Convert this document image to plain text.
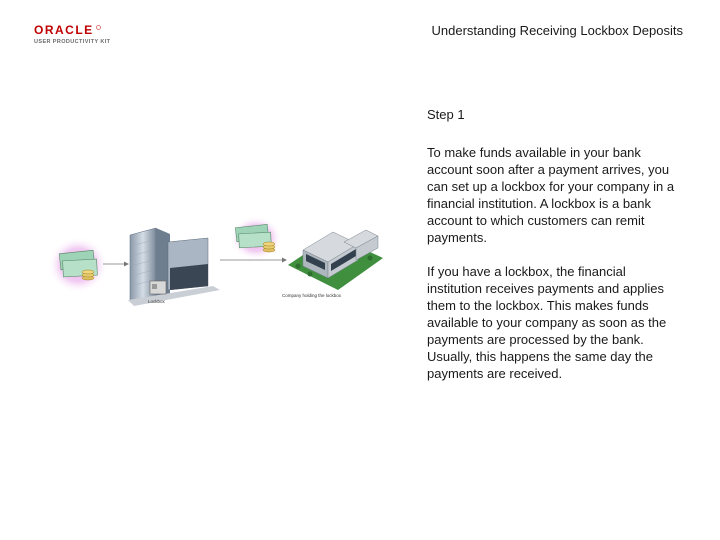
ORACLE
USER PRODUCTIVITY KIT
Understanding Receiving Lockbox Deposits
Lockbox
Company holding the lockbox

Step 1

To make funds available in your bank account soon after a payment arrives, you can set up a lockbox for your company in a financial institution. A lockbox is a bank account to which customers can remit payments.

If you have a lockbox, the financial institution receives payments and applies them to the lockbox. This makes funds available to your company as soon as the payments are processed by the bank. Usually, this happens the same day the payments are received.
